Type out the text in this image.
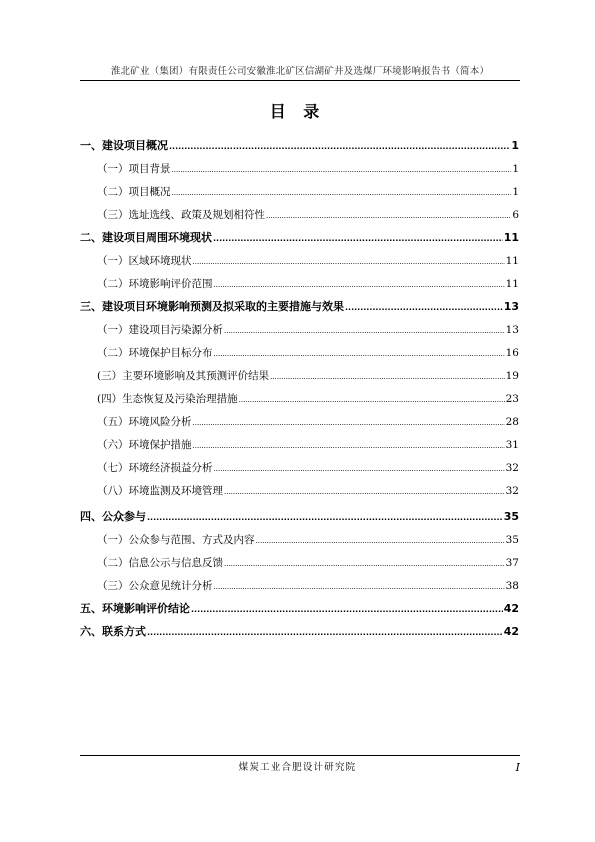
淮北矿业（集团）有限责任公司安徽淮北矿区信湖矿井及选煤厂环境影响报告书（简本）
目 录
一、建设项目概况 .....	1
（一）项目背景 .....	1
（二）项目概况 .....	1
（三）选址选线、政策及规划相符性 .....	6
二、建设项目周围环境现状 .....	11
（一）区域环境现状 .....	11
（二）环境影响评价范围 .....	11
三、建设项目环境影响预测及拟采取的主要措施与效果 .....	13
（一）建设项目污染源分析 .....	13
（二）环境保护目标分布 .....	16
(三）主要环境影响及其预测评价结果 .....	19
(四）生态恢复及污染治理措施 .....	23
（五）环境风险分析 .....	28
（六）环境保护措施 .....	31
（七）环境经济损益分析 .....	32
（八）环境监测及环境管理 .....	32
四、公众参与 .....	35
（一）公众参与范围、方式及内容 .....	35
（二）信息公示与信息反馈 .....	37
（三）公众意见统计分析 .....	38
五、环境影响评价结论 .....	42
六、联系方式 .....	42
煤炭工业合肥设计研究院	I
